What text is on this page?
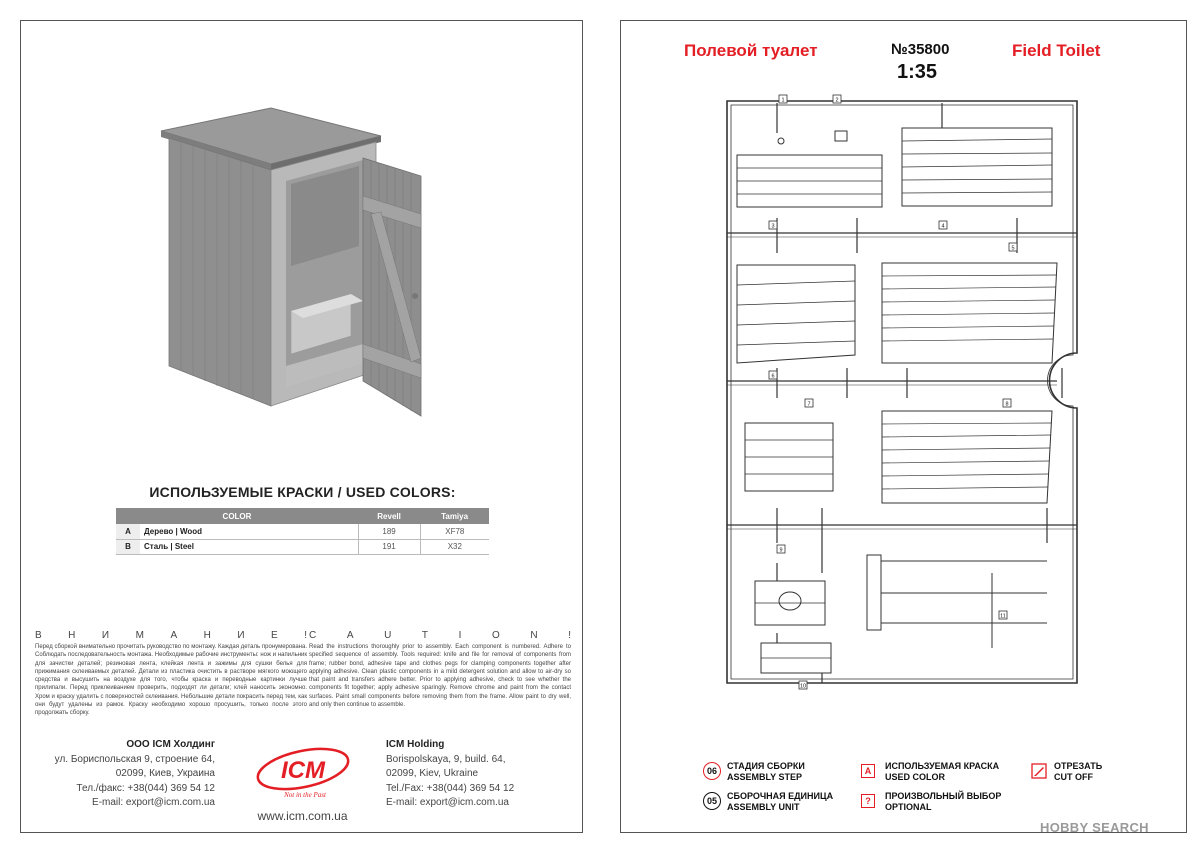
ИСПОЛЬЗУЕМЫЕ КРАСКИ / USED COLORS:
COLOR		Revell	Tamiya
A	Дерево | Wood	189	XF78
B	Сталь | Steel	191	X32
В	Н	И	М	А	Н	И	Е	! C	A	U	T	I	O	N	!
Перед сборкой внимательно прочитать руководство по монтажу. Каждая деталь пронумерована. Соблюдать последовательность монтажа. Необходимые рабочие инструменты: нож и напильник для зачистки деталей; резиновая лента, клейкая лента и зажимы для сушки белья для прижимания склеиваемых деталей. Детали из пластика очистить в растворе мягкого моющего средства и высушить на воздухе для того, чтобы краска и переводные картинки лучше прилипали. Перед приклеиванием проверить, подходят ли детали; клей наносить экономно. Хром и краску удалить с поверхностей склеивания. Небольшие детали покрасить перед тем, как они будут удалены из рамок. Краску необходимо хорошо просушить, только после этого продолжать сборку.
Read the instructions thoroughly prior to assembly. Each component is numbered. Adhere to specified sequence of assembly. Tools required: knife and file for removal of components from frame; rubber bond, adhesive tape and clothes pegs for clamping components together after applying adhesive. Clean plastic components in a mild detergent solution and allow to air-dry so that paint and transfers adhere better. Prior to applying adhesive, check to see whether the components fit together; apply adhesive sparingly. Remove chrome and paint from the contact surfaces. Paint small components before removing them from the frame. Allow paint to dry well, and only then continue to assemble.
ООО ICM Холдинг
ул. Бориспольская 9, строение 64,
02099, Киев, Украина
Тел./факс: +38(044) 369 54 12
E-mail: export@icm.com.ua
ICM
Not in the Past
ICM Holding
Borispolskaya, 9, build. 64,
02099, Kiev, Ukraine
Tel./Fax: +38(044) 369 54 12
E-mail: export@icm.com.ua
www.icm.com.ua
Полевой туалет	№35800
1:35
Field Toilet
1	2
3	4
5
6
7	8
9
10
11
06	СТАДИЯ СБОРКИ
ASSEMBLY STEP
05	СБОРОЧНАЯ ЕДИНИЦА
ASSEMBLY UNIT
A	ИСПОЛЬЗУЕМАЯ КРАСКА
USED COLOR
?	ПРОИЗВОЛЬНЫЙ ВЫБОР
OPTIONAL
ОТРЕЗАТЬ
CUT OFF
HOBBY SEARCH
